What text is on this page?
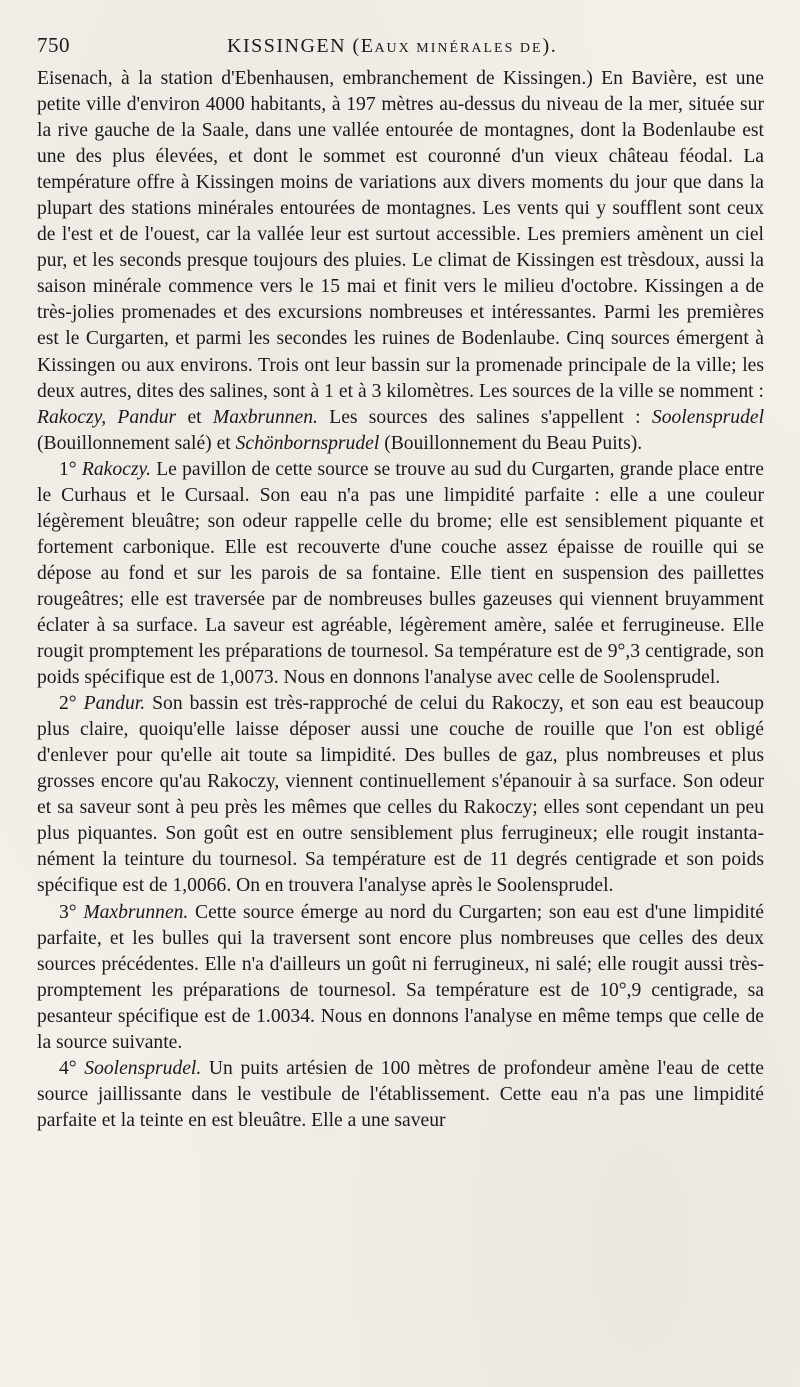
750	KISSINGEN (EAUX MINÉRALES DE).

Eisenach, à la station d'Ebenhausen, embranchement de Kissingen.) En Bavière, est une petite ville d'environ 4000 habitants, à 197 mètres au-dessus du niveau de la mer, située sur la rive gauche de la Saale, dans une vallée entourée de montagnes, dont la Bodenlaube est une des plus élevées, et dont le sommet est couronné d'un vieux château féodal. La température offre à Kissingen moins de variations aux divers moments du jour que dans la plupart des stations minérales entourées de montagnes. Les vents qui y soufflent sont ceux de l'est et de l'ouest, car la vallée leur est surtout accessible. Les premiers amènent un ciel pur, et les seconds presque toujours des pluies. Le climat de Kissingen est trèsdoux, aussi la saison minérale commence vers le 15 mai et finit vers le milieu d'octobre. Kissingen a de très-jolies promenades et des excursions nombreuses et intéressantes. Parmi les premières est le Curgarten, et parmi les secondes les ruines de Bodenlaube. Cinq sources émergent à Kissingen ou aux environs. Trois ont leur bassin sur la promenade principale de la ville; les deux autres, dites des salines, sont à 1 et à 3 kilomètres. Les sources de la ville se nomment : Rakoczy, Pandur et Maxbrunnen. Les sources des salines s'appellent : Soolensprudel (Bouillonnement salé) et Schönbornsprudel (Bouillonnement du Beau Puits).

1° Rakoczy. Le pavillon de cette source se trouve au sud du Curgarten, grande place entre le Curhaus et le Cursaal. Son eau n'a pas une limpidité parfaite : elle a une couleur légèrement bleuâtre; son odeur rappelle celle du brome; elle est sensiblement piquante et fortement carbonique. Elle est recouverte d'une couche assez épaisse de rouille qui se dépose au fond et sur les parois de sa fontaine. Elle tient en suspension des paillettes rougeâtres; elle est traversée par de nombreuses bulles gazeuses qui viennent bruyamment éclater à sa surface. La saveur est agréable, légèrement amère, salée et ferrugineuse. Elle rougit promptement les préparations de tournesol. Sa température est de 9°,3 centigrade, son poids spécifique est de 1,0073. Nous en donnons l'analyse avec celle de Soolensprudel.

2° Pandur. Son bassin est très-rapproché de celui du Rakoczy, et son eau est beaucoup plus claire, quoiqu'elle laisse déposer aussi une couche de rouille que l'on est obligé d'enlever pour qu'elle ait toute sa limpidité. Des bulles de gaz, plus nombreuses et plus grosses encore qu'au Rakoczy, viennent continuellement s'épanouir à sa surface. Son odeur et sa saveur sont à peu près les mêmes que celles du Rakoczy; elles sont cependant un peu plus piquantes. Son goût est en outre sensiblement plus ferrugineux; elle rougit instantanément la teinture du tournesol. Sa température est de 11 degrés centigrade et son poids spécifique est de 1,0066. On en trouvera l'analyse après le Soolensprudel.

3° Maxbrunnen. Cette source émerge au nord du Curgarten; son eau est d'une limpidité parfaite, et les bulles qui la traversent sont encore plus nombreuses que celles des deux sources précédentes. Elle n'a d'ailleurs un goût ni ferrugineux, ni salé; elle rougit aussi très-promptement les préparations de tournesol. Sa température est de 10°,9 centigrade, sa pesanteur spécifique est de 1.0034. Nous en donnons l'analyse en même temps que celle de la source suivante.

4° Soolensprudel. Un puits artésien de 100 mètres de profondeur amène l'eau de cette source jaillissante dans le vestibule de l'établissement. Cette eau n'a pas une limpidité parfaite et la teinte en est bleuâtre. Elle a une saveur
